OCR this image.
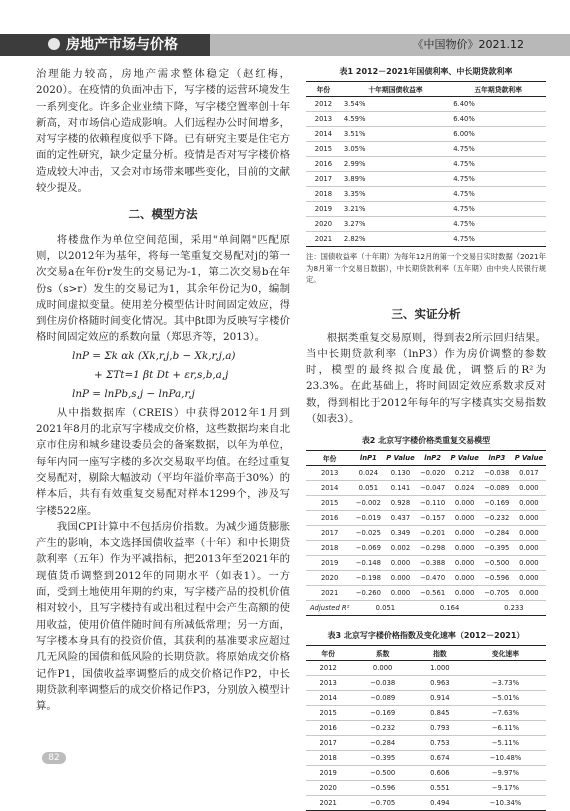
房地产市场与价格	《中国物价》2021.12

治理能力较高，房地产需求整体稳定（赵红梅，2020）。在疫情的负面冲击下，写字楼的运营环境发生一系列变化。许多企业业绩下降，写字楼空置率创十年新高，对市场信心造成影响。人们远程办公时间增多，对写字楼的依赖程度似乎下降。已有研究主要是住宅方面的定性研究，缺少定量分析。疫情是否对写字楼价格造成较大冲击，又会对市场带来哪些变化，目前的文献较少提及。

二、模型方法

将楼盘作为单位空间范围，采用"单间隔"匹配原则，以2012年为基年，将每一笔重复交易配对j的第一次交易a在年份r发生的交易记为-1，第二次交易b在年份s（s>r）发生的交易记为1，其余年份记为0，编制成时间虚拟变量。使用差分模型估计时间固定效应，得到住房价格随时间变化情况。其中βt即为反映写字楼价格时间固定效应的系数向量（郑思齐等，2013）。

lnP = Σk αk (Xk,r,j,b − Xk,r,j,a)
+ ΣTt=1 βt Dt + εr,s,b,a,j
lnP = lnPb,s,j − lnPa,r,j

从中指数据库（CREIS）中获得2012年1月到2021年8月的北京写字楼成交价格，这些数据均来自北京市住房和城乡建设委员会的备案数据，以年为单位，每年内同一座写字楼的多次交易取平均值。在经过重复交易配对，剔除大幅波动（平均年溢价率高于30%）的样本后，共有有效重复交易配对样本1299个，涉及写字楼522座。

我国CPI计算中不包括房价指数。为减少通货膨胀产生的影响，本文选择国债收益率（十年）和中长期贷款利率（五年）作为平减指标，把2013年至2021年的现值货币调整到2012年的同期水平（如表1）。一方面，受到土地使用年期的约束，写字楼产品的投机价值相对较小，且写字楼持有或出租过程中会产生高额的使用收益，使用价值伴随时间有所减低常理；另一方面，写字楼本身具有的投资价值，其获利的基准要求应超过几无风险的国债和低风险的长期贷款。将原始成交价格记作P1，国债收益率调整后的成交价格记作P2，中长期贷款利率调整后的成交价格记作P3，分别放入模型计算。

表1 2012－2021年国债利率、中长期贷款利率
年份	十年期国债收益率	五年期贷款利率
2012	3.54%	6.40%
2013	4.59%	6.40%
2014	3.51%	6.00%
2015	3.05%	4.75%
2016	2.99%	4.75%
2017	3.89%	4.75%
2018	3.35%	4.75%
2019	3.21%	4.75%
2020	3.27%	4.75%
2021	2.82%	4.75%
注：国债收益率（十年期）为每年12月的第一个交易日实时数据（2021年为8月第一个交易日数据），中长期贷款利率（五年期）由中央人民银行规定。
三、实证分析

根据类重复交易原则，得到表2所示回归结果。当中长期贷款利率（lnP3）作为房价调整的参数时，模型的最终拟合度最优，调整后的R²为23.3%。在此基础上，将时间固定效应系数求反对数，得到相比于2012年每年的写字楼真实交易指数（如表3）。

表2 北京写字楼价格类重复交易模型
年份	lnP1	P Value	lnP2	P Value	lnP3	P Value
2013	0.024	0.130	−0.020	0.212	−0.038	0.017
2014	0.051	0.141	−0.047	0.024	−0.089	0.000
2015	−0.002	0.928	−0.110	0.000	−0.169	0.000
2016	−0.019	0.437	−0.157	0.000	−0.232	0.000
2017	−0.025	0.349	−0.201	0.000	−0.284	0.000
2018	−0.069	0.002	−0.298	0.000	−0.395	0.000
2019	−0.148	0.000	−0.388	0.000	−0.500	0.000
2020	−0.198	0.000	−0.470	0.000	−0.596	0.000
2021	−0.260	0.000	−0.561	0.000	−0.705	0.000
Adjusted R²	0.051		0.164		0.233	
表3 北京写字楼价格指数及变化速率（2012－2021）
年份	系数	指数	变化速率
2012	0.000	1.000	
2013	−0.038	0.963	−3.73%
2014	−0.089	0.914	−5.01%
2015	−0.169	0.845	−7.63%
2016	−0.232	0.793	−6.11%
2017	−0.284	0.753	−5.11%
2018	−0.395	0.674	−10.48%
2019	−0.500	0.606	−9.97%
2020	−0.596	0.551	−9.17%
2021	−0.705	0.494	−10.34%
82
